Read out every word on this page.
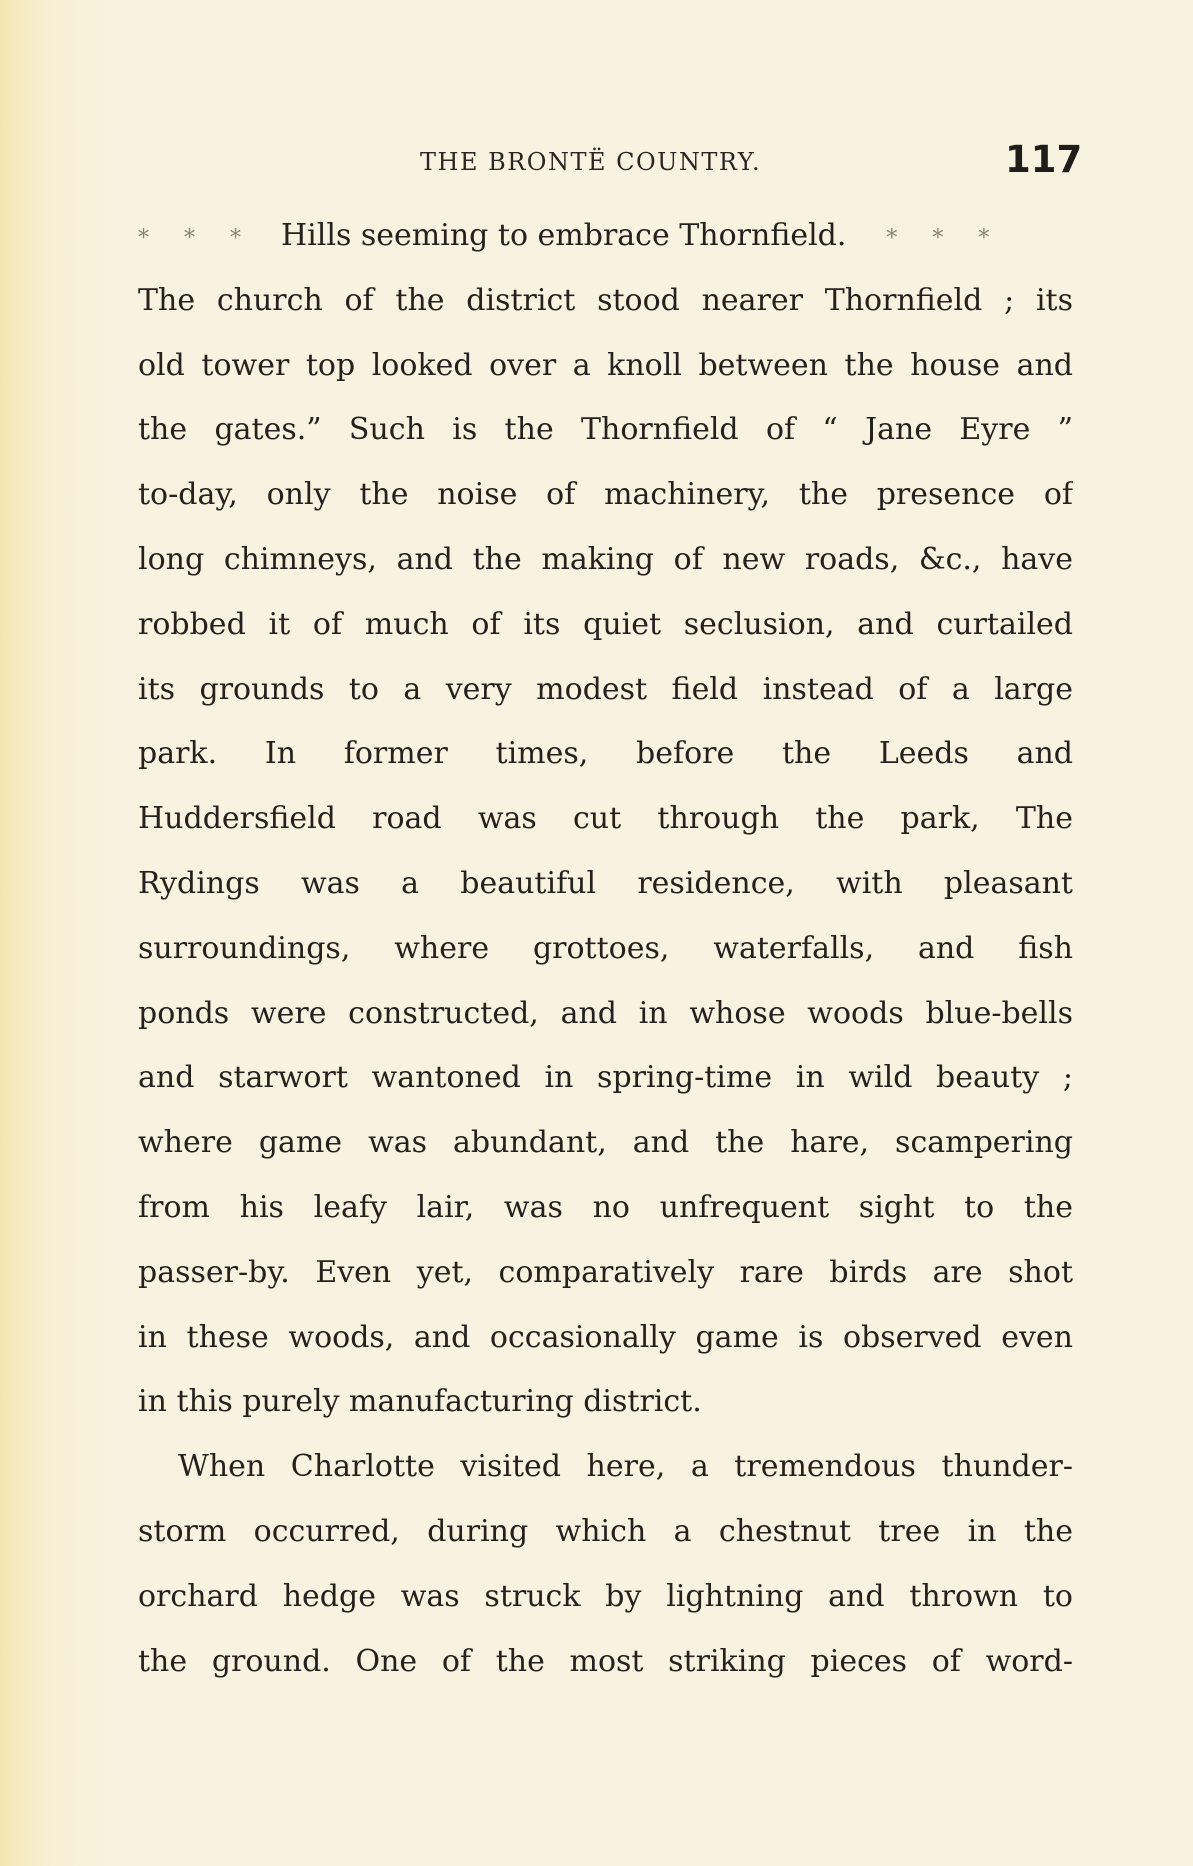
THE BRONTË COUNTRY.	117
* * * Hills seeming to embrace Thornfield. * * *
The church of the district stood nearer Thornfield ; its
old tower top looked over a knoll between the house and
the gates.” Such is the Thornfield of “ Jane Eyre ”
to-day, only the noise of machinery, the presence of
long chimneys, and the making of new roads, &c., have
robbed it of much of its quiet seclusion, and curtailed
its grounds to a very modest field instead of a large
park. In former times, before the Leeds and
Huddersfield road was cut through the park, The
Rydings was a beautiful residence, with pleasant
surroundings, where grottoes, waterfalls, and fish
ponds were constructed, and in whose woods blue-bells
and starwort wantoned in spring-time in wild beauty ;
where game was abundant, and the hare, scampering
from his leafy lair, was no unfrequent sight to the
passer-by. Even yet, comparatively rare birds are shot
in these woods, and occasionally game is observed even
in this purely manufacturing district.
When Charlotte visited here, a tremendous thunder-
storm occurred, during which a chestnut tree in the
orchard hedge was struck by lightning and thrown to
the ground. One of the most striking pieces of word-
